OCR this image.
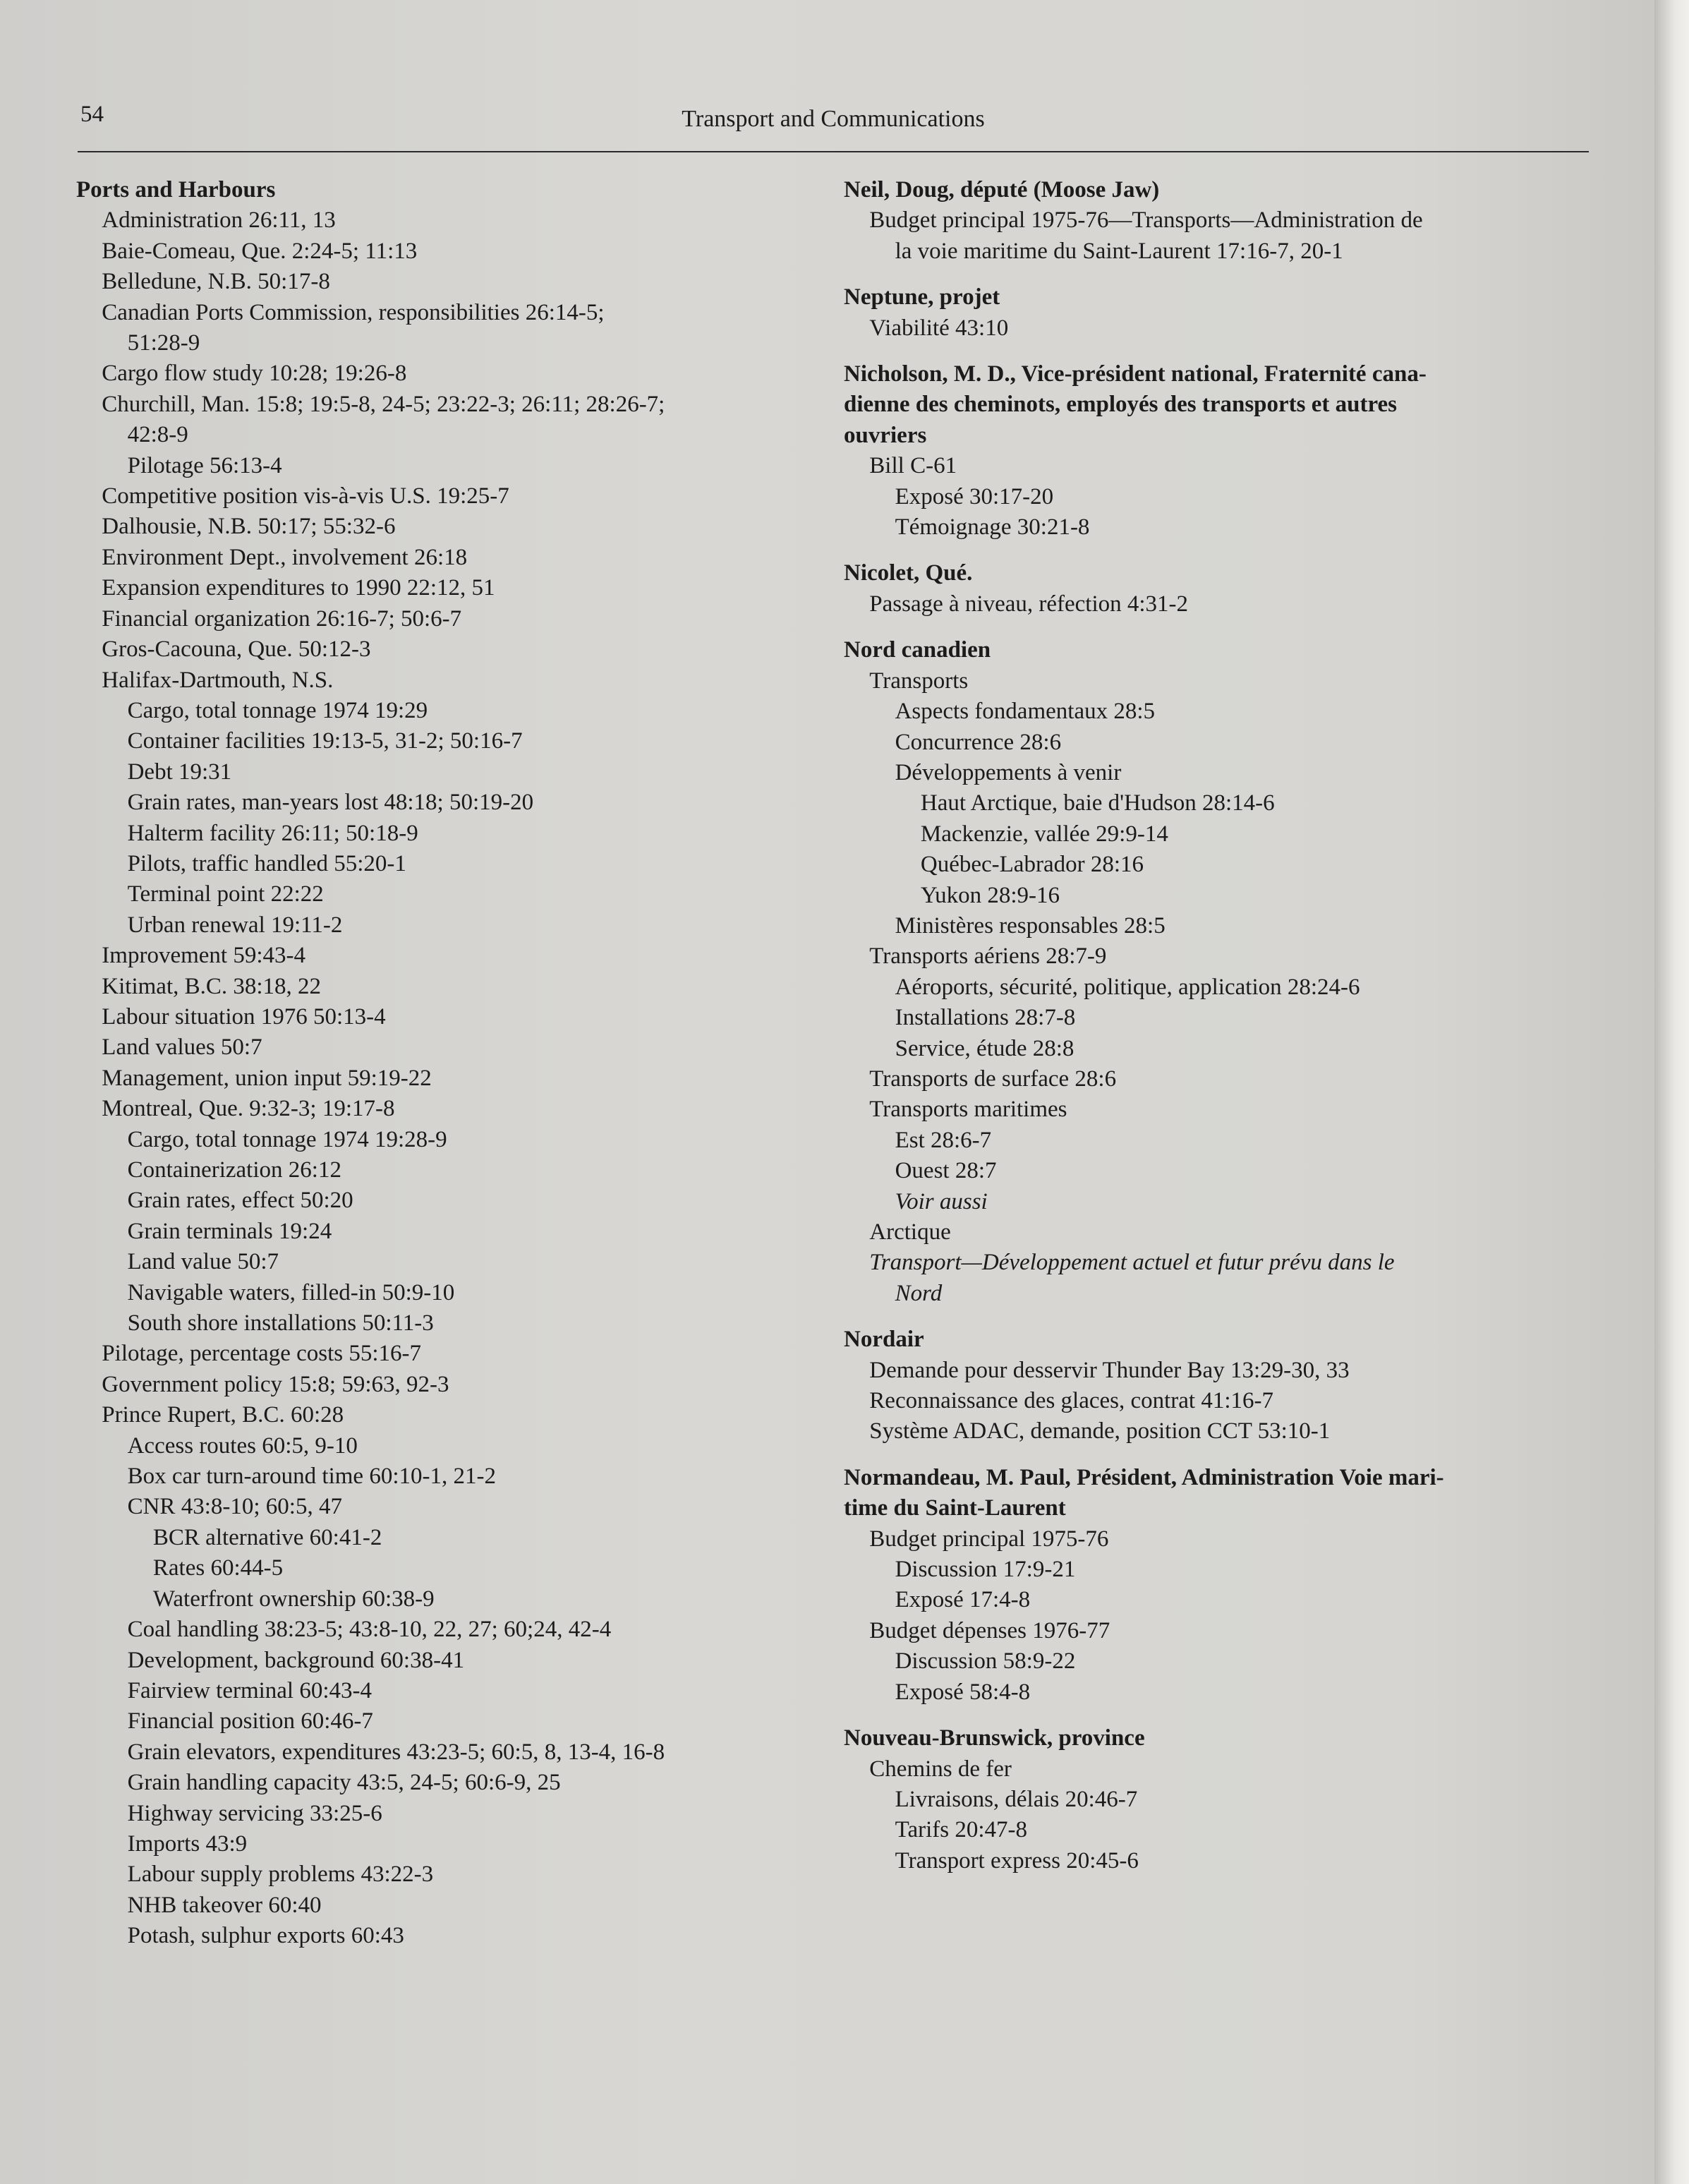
54	Transport and Communications
Ports and Harbours
Administration 26:11, 13
Baie-Comeau, Que. 2:24-5; 11:13
Belledune, N.B. 50:17-8
Canadian Ports Commission, responsibilities 26:14-5;
51:28-9
Cargo flow study 10:28; 19:26-8
Churchill, Man. 15:8; 19:5-8, 24-5; 23:22-3; 26:11; 28:26-7;
42:8-9
Pilotage 56:13-4
Competitive position vis-à-vis U.S. 19:25-7
Dalhousie, N.B. 50:17; 55:32-6
Environment Dept., involvement 26:18
Expansion expenditures to 1990 22:12, 51
Financial organization 26:16-7; 50:6-7
Gros-Cacouna, Que. 50:12-3
Halifax-Dartmouth, N.S.
Cargo, total tonnage 1974 19:29
Container facilities 19:13-5, 31-2; 50:16-7
Debt 19:31
Grain rates, man-years lost 48:18; 50:19-20
Halterm facility 26:11; 50:18-9
Pilots, traffic handled 55:20-1
Terminal point 22:22
Urban renewal 19:11-2
Improvement 59:43-4
Kitimat, B.C. 38:18, 22
Labour situation 1976 50:13-4
Land values 50:7
Management, union input 59:19-22
Montreal, Que. 9:32-3; 19:17-8
Cargo, total tonnage 1974 19:28-9
Containerization 26:12
Grain rates, effect 50:20
Grain terminals 19:24
Land value 50:7
Navigable waters, filled-in 50:9-10
South shore installations 50:11-3
Pilotage, percentage costs 55:16-7
Government policy 15:8; 59:63, 92-3
Prince Rupert, B.C. 60:28
Access routes 60:5, 9-10
Box car turn-around time 60:10-1, 21-2
CNR 43:8-10; 60:5, 47
BCR alternative 60:41-2
Rates 60:44-5
Waterfront ownership 60:38-9
Coal handling 38:23-5; 43:8-10, 22, 27; 60;24, 42-4
Development, background 60:38-41
Fairview terminal 60:43-4
Financial position 60:46-7
Grain elevators, expenditures 43:23-5; 60:5, 8, 13-4, 16-8
Grain handling capacity 43:5, 24-5; 60:6-9, 25
Highway servicing 33:25-6
Imports 43:9
Labour supply problems 43:22-3
NHB takeover 60:40
Potash, sulphur exports 60:43
Neil, Doug, député (Moose Jaw)
Budget principal 1975-76—Transports—Administration de
la voie maritime du Saint-Laurent 17:16-7, 20-1
Neptune, projet
Viabilité 43:10
Nicholson, M. D., Vice-président national, Fraternité cana-
dienne des cheminots, employés des transports et autres
ouvriers
Bill C-61
Exposé 30:17-20
Témoignage 30:21-8
Nicolet, Qué.
Passage à niveau, réfection 4:31-2
Nord canadien
Transports
Aspects fondamentaux 28:5
Concurrence 28:6
Développements à venir
Haut Arctique, baie d'Hudson 28:14-6
Mackenzie, vallée 29:9-14
Québec-Labrador 28:16
Yukon 28:9-16
Ministères responsables 28:5
Transports aériens 28:7-9
Aéroports, sécurité, politique, application 28:24-6
Installations 28:7-8
Service, étude 28:8
Transports de surface 28:6
Transports maritimes
Est 28:6-7
Ouest 28:7
Voir aussi
Arctique
Transport—Développement actuel et futur prévu dans le
Nord
Nordair
Demande pour desservir Thunder Bay 13:29-30, 33
Reconnaissance des glaces, contrat 41:16-7
Système ADAC, demande, position CCT 53:10-1
Normandeau, M. Paul, Président, Administration Voie mari-
time du Saint-Laurent
Budget principal 1975-76
Discussion 17:9-21
Exposé 17:4-8
Budget dépenses 1976-77
Discussion 58:9-22
Exposé 58:4-8
Nouveau-Brunswick, province
Chemins de fer
Livraisons, délais 20:46-7
Tarifs 20:47-8
Transport express 20:45-6
